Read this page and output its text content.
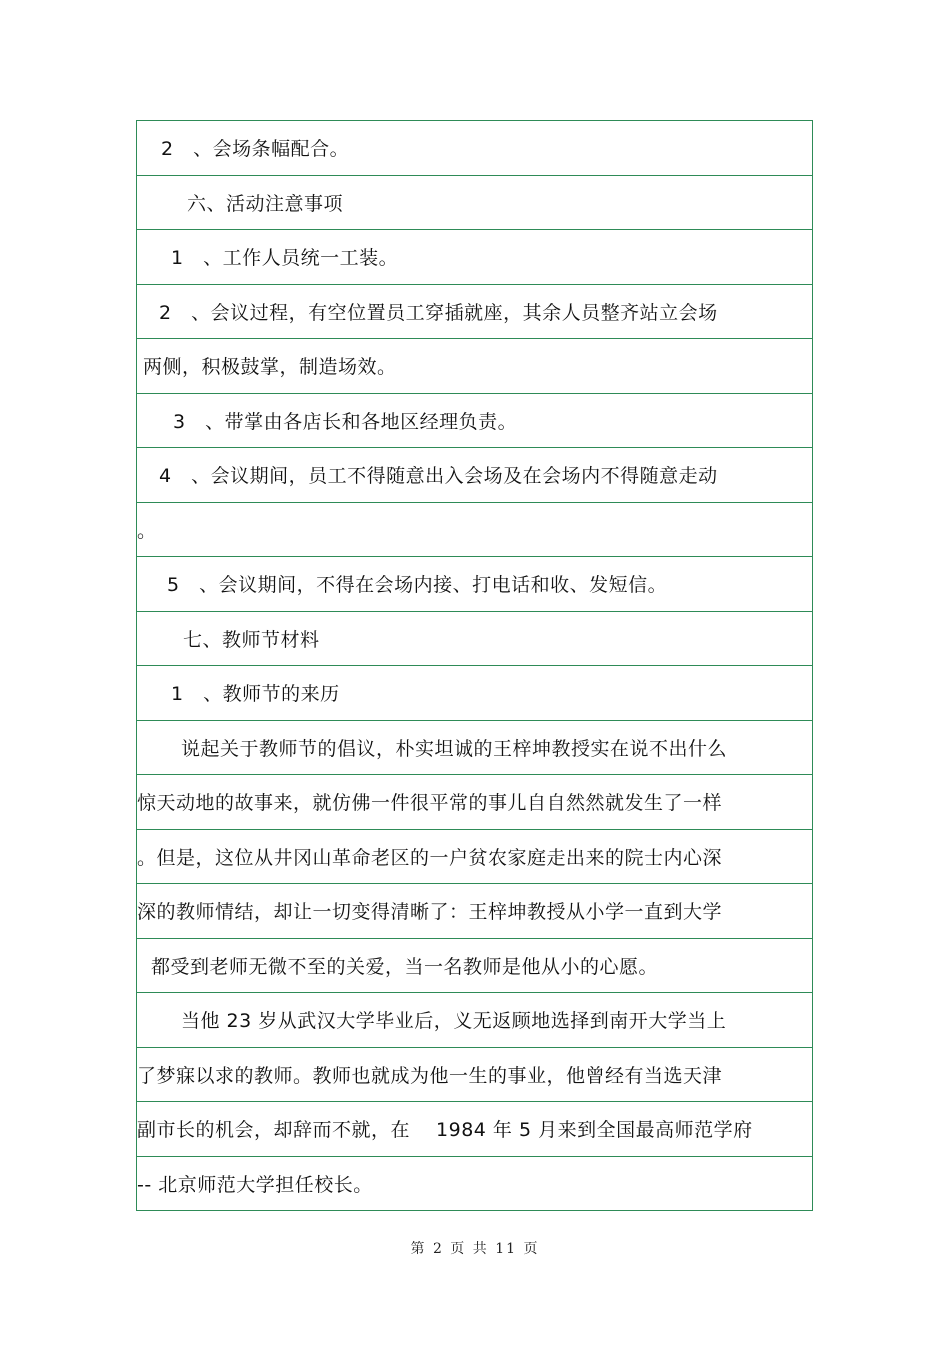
2　、会场条幅配合。
六、活动注意事项
1　、工作人员统一工装。
2　、会议过程，有空位置员工穿插就座，其余人员整齐站立会场
两侧，积极鼓掌，制造场效。
3　、带掌由各店长和各地区经理负责。
4　、会议期间，员工不得随意出入会场及在会场内不得随意走动
。
5　、会议期间，不得在会场内接、打电话和收、发短信。
七、教师节材料
1　、教师节的来历
说起关于教师节的倡议，朴实坦诚的王梓坤教授实在说不出什么
惊天动地的故事来，就仿佛一件很平常的事儿自自然然就发生了一样
。但是，这位从井冈山革命老区的一户贫农家庭走出来的院士内心深
深的教师情结，却让一切变得清晰了：王梓坤教授从小学一直到大学
都受到老师无微不至的关爱，当一名教师是他从小的心愿。
当他 23 岁从武汉大学毕业后，义无返顾地选择到南开大学当上
了梦寐以求的教师。教师也就成为他一生的事业，他曾经有当选天津
副市长的机会，却辞而不就，在　 1984 年 5 月来到全国最高师范学府
-- 北京师范大学担任校长。
第 2 页 共 11 页
